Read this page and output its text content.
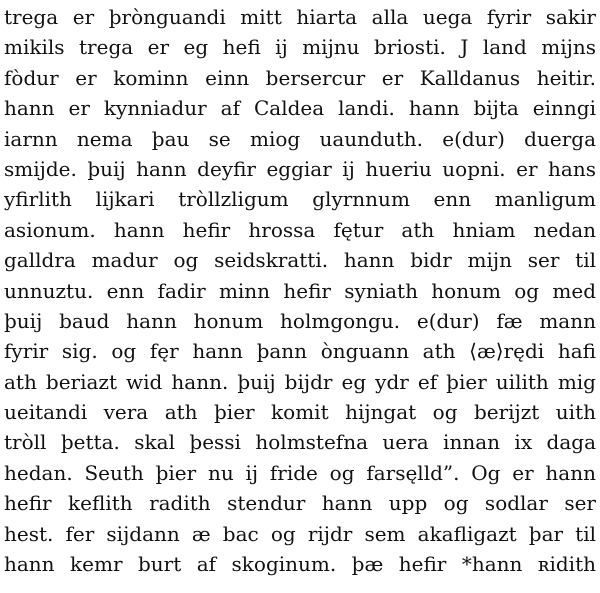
trega er þrònguandi mitt hiarta alla uega fyrir sakir
mikils trega er eg hefi ij mijnu briosti. J land mijns
fòdur er kominn einn bersercur er Kalldanus heitir.
hann er kynniadur af Caldea landi. hann bijta einngi
iarnn nema þau se miog uaunduth. e(dur) duerga
smijde. þuij hann deyfir eggiar ij hueriu uopni. er hans
yfirlith lijkari tròllzligum glyrnnum enn manligum
asionum. hann hefir hrossa fętur ath hniam nedan
galldra madur og seidskratti. hann bidr mijn ser til
unnuztu. enn fadir minn hefir syniath honum og med
þuij baud hann honum holmgongu. e(dur) fæ mann
fyrir sig. og fęr hann þann ònguann ath ⟨æ⟩rędi hafi
ath beriazt wid hann. þuij bijdr eg ydr ef þier uilith mig
ueitandi vera ath þier komit hijngat og berijzt uith
tròll þetta. skal þessi holmstefna uera innan ix daga
hedan. Seuth þier nu ij fride og farsęlld”. Og er hann
hefir keflith radith stendur hann upp og sodlar ser
hest. fer sijdann æ bac og rijdr sem akafligazt þar til
hann kemr burt af skoginum. þæ hefir *hann ʀidith
